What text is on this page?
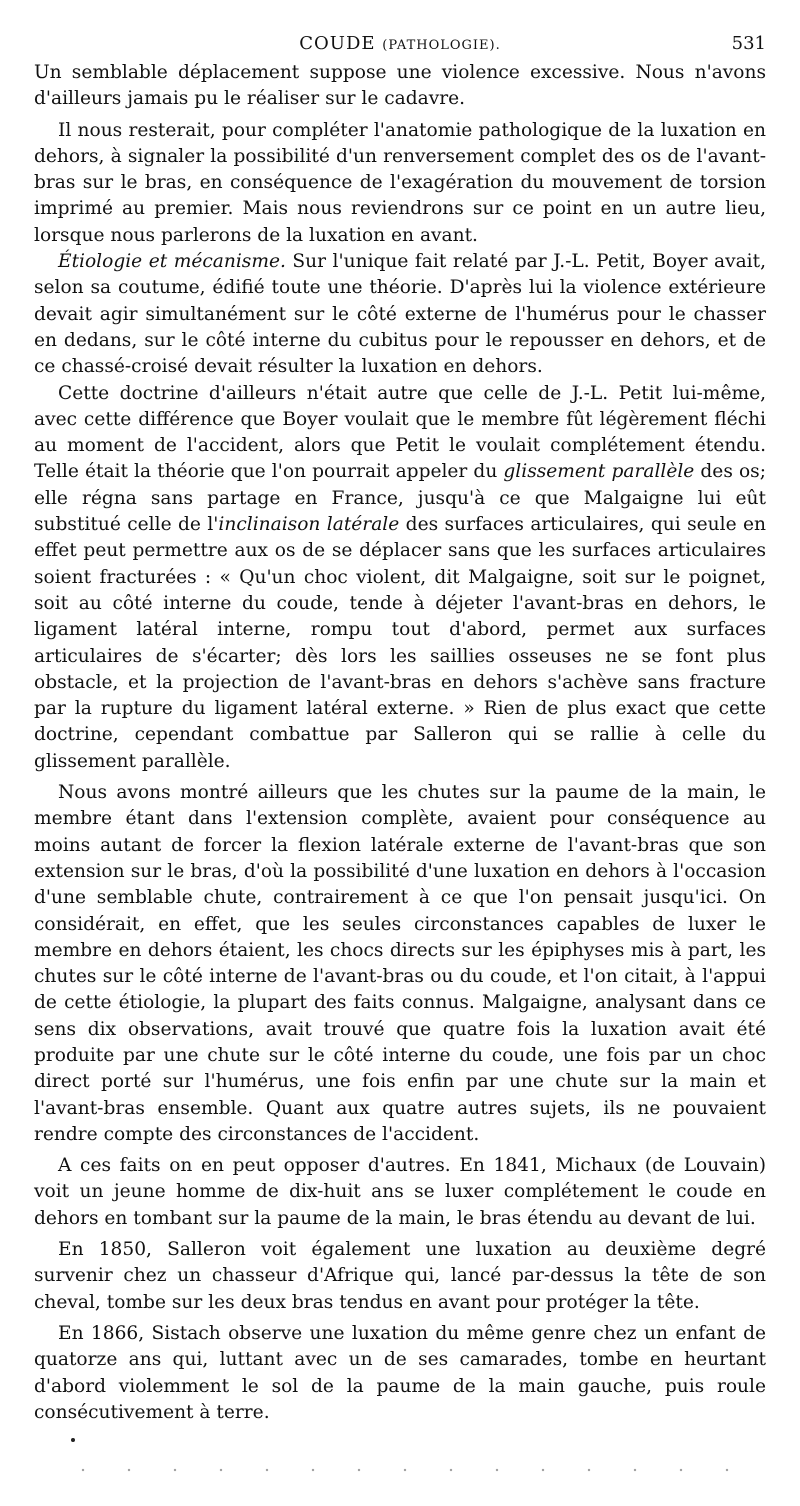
COUDE (PATHOLOGIE).	531

Un semblable déplacement suppose une violence excessive. Nous n'avons d'ailleurs jamais pu le réaliser sur le cadavre.

Il nous resterait, pour compléter l'anatomie pathologique de la luxation en dehors, à signaler la possibilité d'un renversement complet des os de l'avant-bras sur le bras, en conséquence de l'exagération du mouvement de torsion imprimé au premier. Mais nous reviendrons sur ce point en un autre lieu, lorsque nous parlerons de la luxation en avant.

Étiologie et mécanisme. Sur l'unique fait relaté par J.-L. Petit, Boyer avait, selon sa coutume, édifié toute une théorie. D'après lui la violence extérieure devait agir simultanément sur le côté externe de l'humérus pour le chasser en dedans, sur le côté interne du cubitus pour le repousser en dehors, et de ce chassé-croisé devait résulter la luxation en dehors.

Cette doctrine d'ailleurs n'était autre que celle de J.-L. Petit lui-même, avec cette différence que Boyer voulait que le membre fût légèrement fléchi au moment de l'accident, alors que Petit le voulait complétement étendu. Telle était la théorie que l'on pourrait appeler du glissement parallèle des os; elle régna sans partage en France, jusqu'à ce que Malgaigne lui eût substitué celle de l'inclinaison latérale des surfaces articulaires, qui seule en effet peut permettre aux os de se déplacer sans que les surfaces articulaires soient fracturées : « Qu'un choc violent, dit Malgaigne, soit sur le poignet, soit au côté interne du coude, tende à déjeter l'avant-bras en dehors, le ligament latéral interne, rompu tout d'abord, permet aux surfaces articulaires de s'écarter; dès lors les saillies osseuses ne se font plus obstacle, et la projection de l'avant-bras en dehors s'achève sans fracture par la rupture du ligament latéral externe. » Rien de plus exact que cette doctrine, cependant combattue par Salleron qui se rallie à celle du glissement parallèle.

Nous avons montré ailleurs que les chutes sur la paume de la main, le membre étant dans l'extension complète, avaient pour conséquence au moins autant de forcer la flexion latérale externe de l'avant-bras que son extension sur le bras, d'où la possibilité d'une luxation en dehors à l'occasion d'une semblable chute, contrairement à ce que l'on pensait jusqu'ici. On considérait, en effet, que les seules circonstances capables de luxer le membre en dehors étaient, les chocs directs sur les épiphyses mis à part, les chutes sur le côté interne de l'avant-bras ou du coude, et l'on citait, à l'appui de cette étiologie, la plupart des faits connus. Malgaigne, analysant dans ce sens dix observations, avait trouvé que quatre fois la luxation avait été produite par une chute sur le côté interne du coude, une fois par un choc direct porté sur l'humérus, une fois enfin par une chute sur la main et l'avant-bras ensemble. Quant aux quatre autres sujets, ils ne pouvaient rendre compte des circonstances de l'accident.

A ces faits on en peut opposer d'autres. En 1841, Michaux (de Louvain) voit un jeune homme de dix-huit ans se luxer complétement le coude en dehors en tombant sur la paume de la main, le bras étendu au devant de lui.

En 1850, Salleron voit également une luxation au deuxième degré survenir chez un chasseur d'Afrique qui, lancé par-dessus la tête de son cheval, tombe sur les deux bras tendus en avant pour protéger la tête.

En 1866, Sistach observe une luxation du même genre chez un enfant de quatorze ans qui, luttant avec un de ses camarades, tombe en heurtant d'abord violemment le sol de la paume de la main gauche, puis roule consécutivement à terre.
